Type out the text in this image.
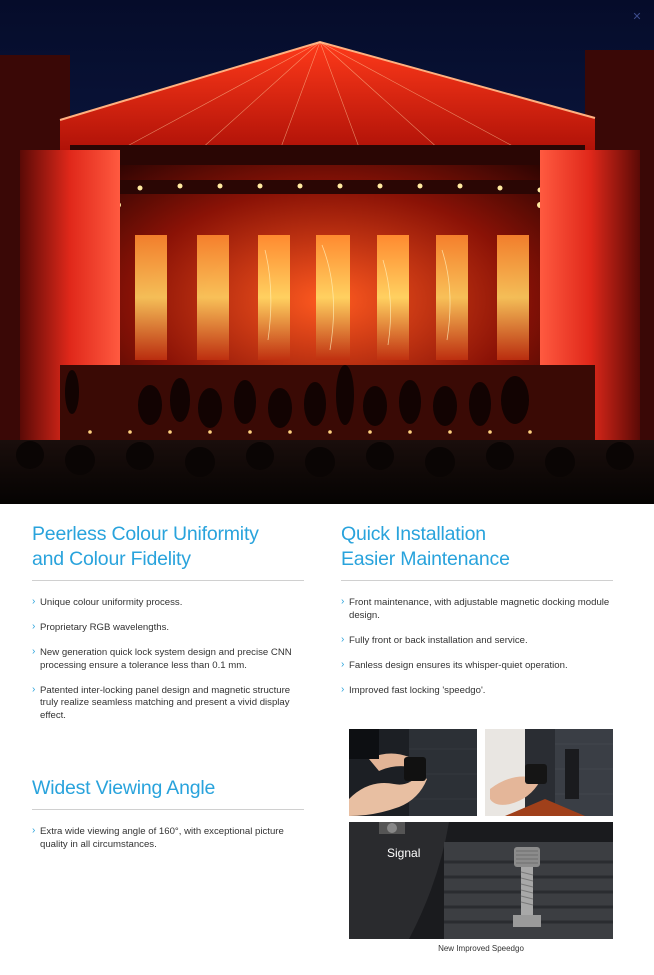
✕
Peerless Colour Uniformity
and Colour Fidelity
› Unique colour uniformity process.
› Proprietary RGB wavelengths.
› New generation quick lock system design and precise CNN processing ensure a tolerance less than 0.1 mm.
› Patented inter-locking panel design and magnetic structure truly realize seamless matching and present a vivid display effect.
Widest Viewing Angle
› Extra wide viewing angle of 160°, with exceptional picture quality in all circumstances.
Quick Installation
Easier Maintenance
› Front maintenance, with adjustable magnetic docking module design.
› Fully front or back installation and service.
› Fanless design ensures its whisper-quiet operation.
› Improved fast locking 'speedgo'.
Signal
New Improved Speedgo
